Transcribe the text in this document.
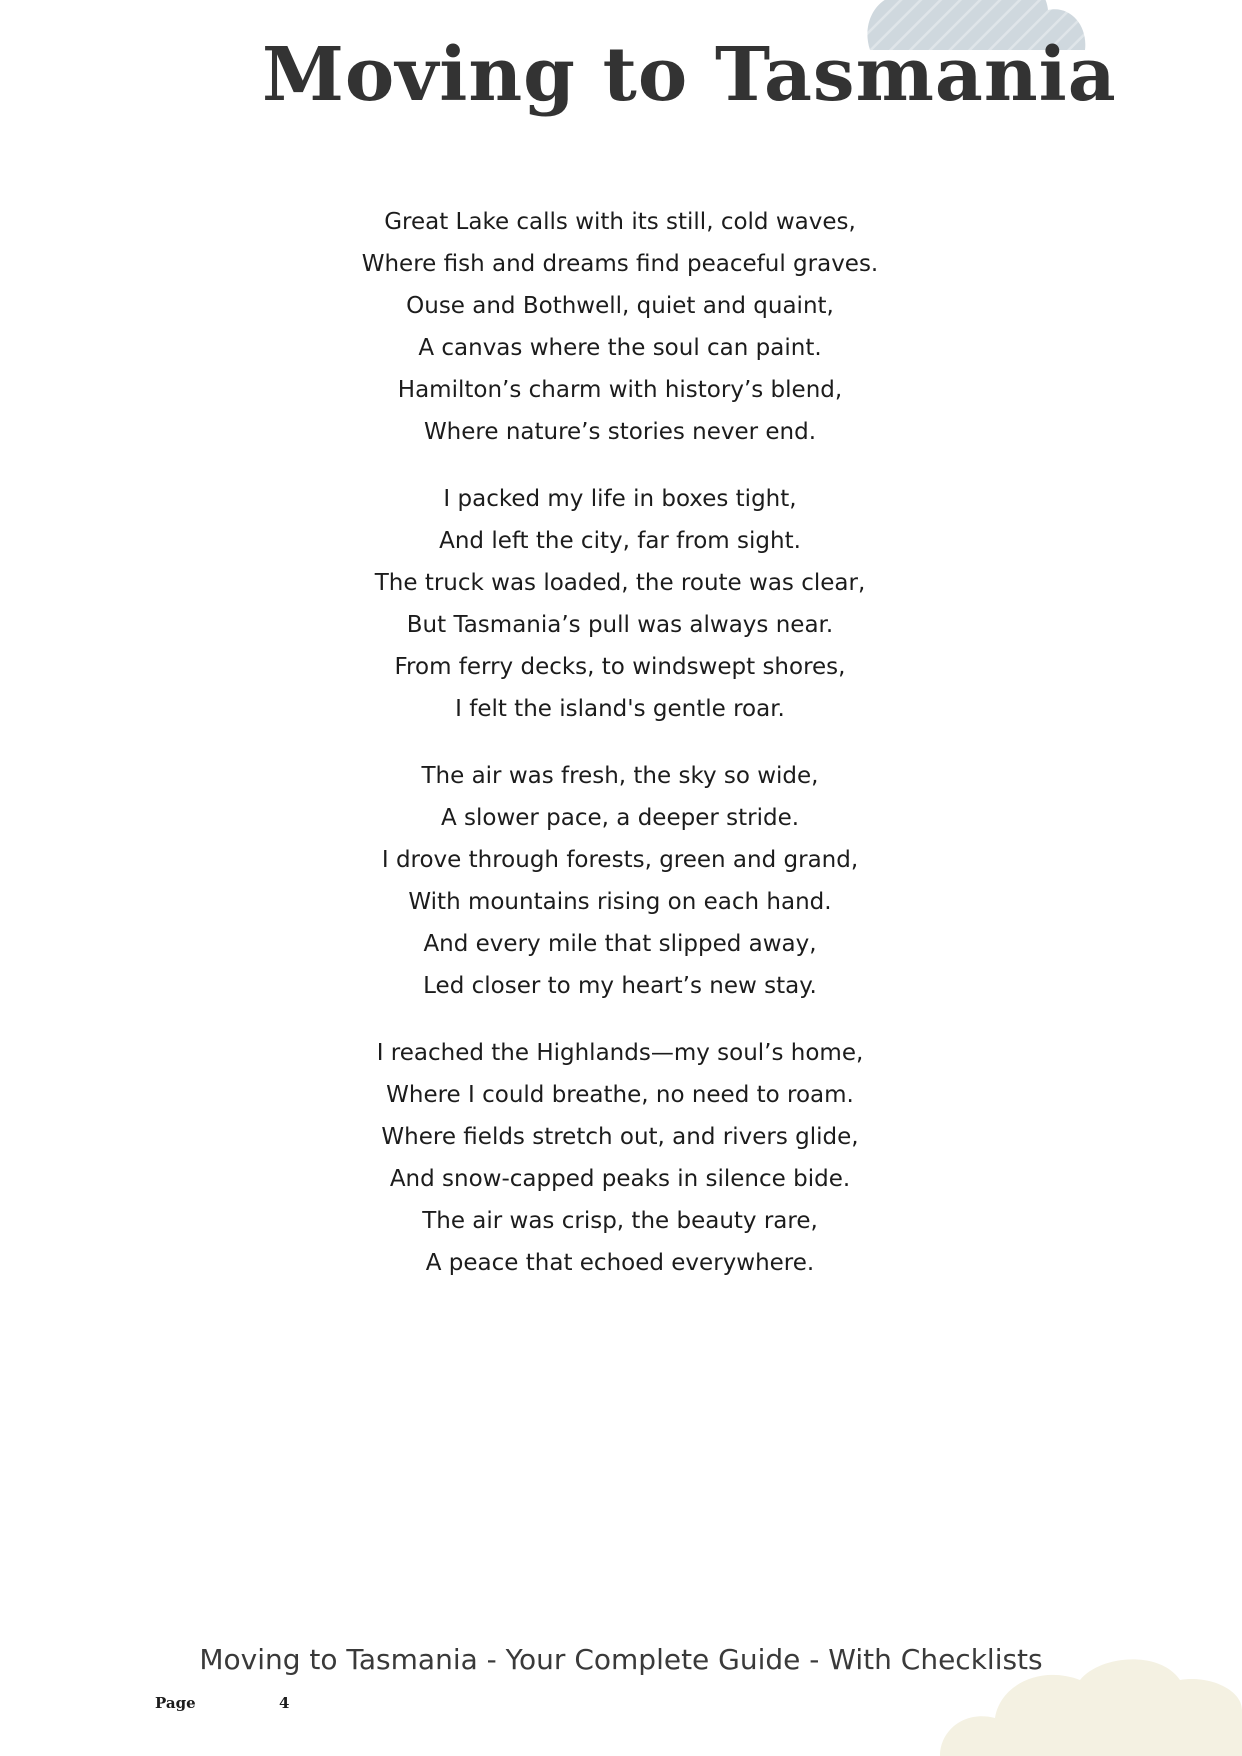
Moving to Tasmania
Great Lake calls with its still, cold waves,
Where fish and dreams find peaceful graves.
Ouse and Bothwell, quiet and quaint,
A canvas where the soul can paint.
Hamilton’s charm with history’s blend,
Where nature’s stories never end.
I packed my life in boxes tight,
And left the city, far from sight.
The truck was loaded, the route was clear,
But Tasmania’s pull was always near.
From ferry decks, to windswept shores,
I felt the island's gentle roar.
The air was fresh, the sky so wide,
A slower pace, a deeper stride.
I drove through forests, green and grand,
With mountains rising on each hand.
And every mile that slipped away,
Led closer to my heart’s new stay.
I reached the Highlands—my soul’s home,
Where I could breathe, no need to roam.
Where fields stretch out, and rivers glide,
And snow-capped peaks in silence bide.
The air was crisp, the beauty rare,
A peace that echoed everywhere.
Moving to Tasmania - Your Complete Guide - With Checklists
Page	4
